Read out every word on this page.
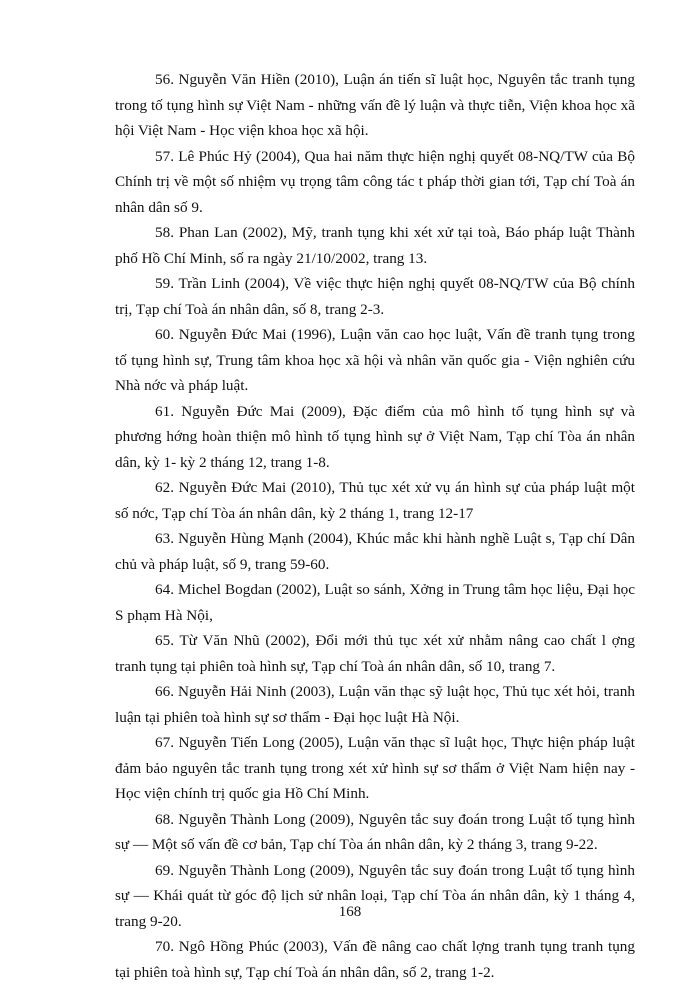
56. Nguyễn Văn Hiền (2010), Luận án tiến sĩ luật học, Nguyên tắc tranh tụng trong tố tụng hình sự Việt Nam - những vấn đề lý luận và thực tiễn, Viện khoa học xã hội Việt Nam - Học viện khoa học xã hội.

57. Lê Phúc Hỷ (2004), Qua hai năm thực hiện nghị quyết 08-NQ/TW của Bộ Chính trị về một số nhiệm vụ trọng tâm công tác t pháp thời gian tới, Tạp chí Toà án nhân dân số 9.

58. Phan Lan (2002), Mỹ, tranh tụng khi xét xử tại toà, Báo pháp luật Thành phố Hồ Chí Minh, số ra ngày 21/10/2002, trang 13.

59. Trần Linh (2004), Về việc thực hiện nghị quyết 08-NQ/TW của Bộ chính trị, Tạp chí Toà án nhân dân, số 8, trang 2-3.

60. Nguyễn Đức Mai (1996), Luận văn cao học luật, Vấn đề tranh tụng trong tố tụng hình sự, Trung tâm khoa học xã hội và nhân văn quốc gia - Viện nghiên cứu Nhà nớc và pháp luật.

61. Nguyễn Đức Mai (2009), Đặc điểm của mô hình tố tụng hình sự và phương hớng hoàn thiện mô hình tố tụng hình sự ở Việt Nam, Tạp chí Tòa án nhân dân, kỳ 1- kỳ 2 tháng 12, trang 1-8.

62. Nguyễn Đức Mai (2010), Thủ tục xét xử vụ án hình sự của pháp luật một số nớc, Tạp chí Tòa án nhân dân, kỳ 2 tháng 1, trang 12-17

63. Nguyễn Hùng Mạnh (2004), Khúc mắc khi hành nghề Luật s, Tạp chí Dân chủ và pháp luật, số 9, trang 59-60.

64. Michel Bogdan (2002), Luật so sánh, Xởng in Trung tâm học liệu, Đại học S phạm Hà Nội,

65. Từ Văn Nhũ (2002), Đổi mới thủ tục xét xử nhằm nâng cao chất l ợng tranh tụng tại phiên toà hình sự, Tạp chí Toà án nhân dân, số 10, trang 7.

66. Nguyễn Hải Ninh (2003), Luận văn thạc sỹ luật học, Thủ tục xét hỏi, tranh luận tại phiên toà hình sự sơ thẩm - Đại học luật Hà Nội.

67. Nguyễn Tiến Long (2005), Luận văn thạc sĩ luật học, Thực hiện pháp luật đảm bảo nguyên tắc tranh tụng trong xét xử hình sự sơ thẩm ở Việt Nam hiện nay - Học viện chính trị quốc gia Hồ Chí Minh.

68. Nguyễn Thành Long (2009), Nguyên tắc suy đoán trong Luật tố tụng hình sự — Một số vấn đề cơ bản, Tạp chí Tòa án nhân dân, kỳ 2 tháng 3, trang 9-22.

69. Nguyễn Thành Long (2009), Nguyên tắc suy đoán trong Luật tố tụng hình sự — Khái quát từ góc độ lịch sử nhân loại, Tạp chí Tòa án nhân dân, kỳ 1 tháng 4, trang 9-20.

70. Ngô Hồng Phúc (2003), Vấn đề nâng cao chất lợng tranh tụng tranh tụng tại phiên toà hình sự, Tạp chí Toà án nhân dân, số 2, trang 1-2.

168
